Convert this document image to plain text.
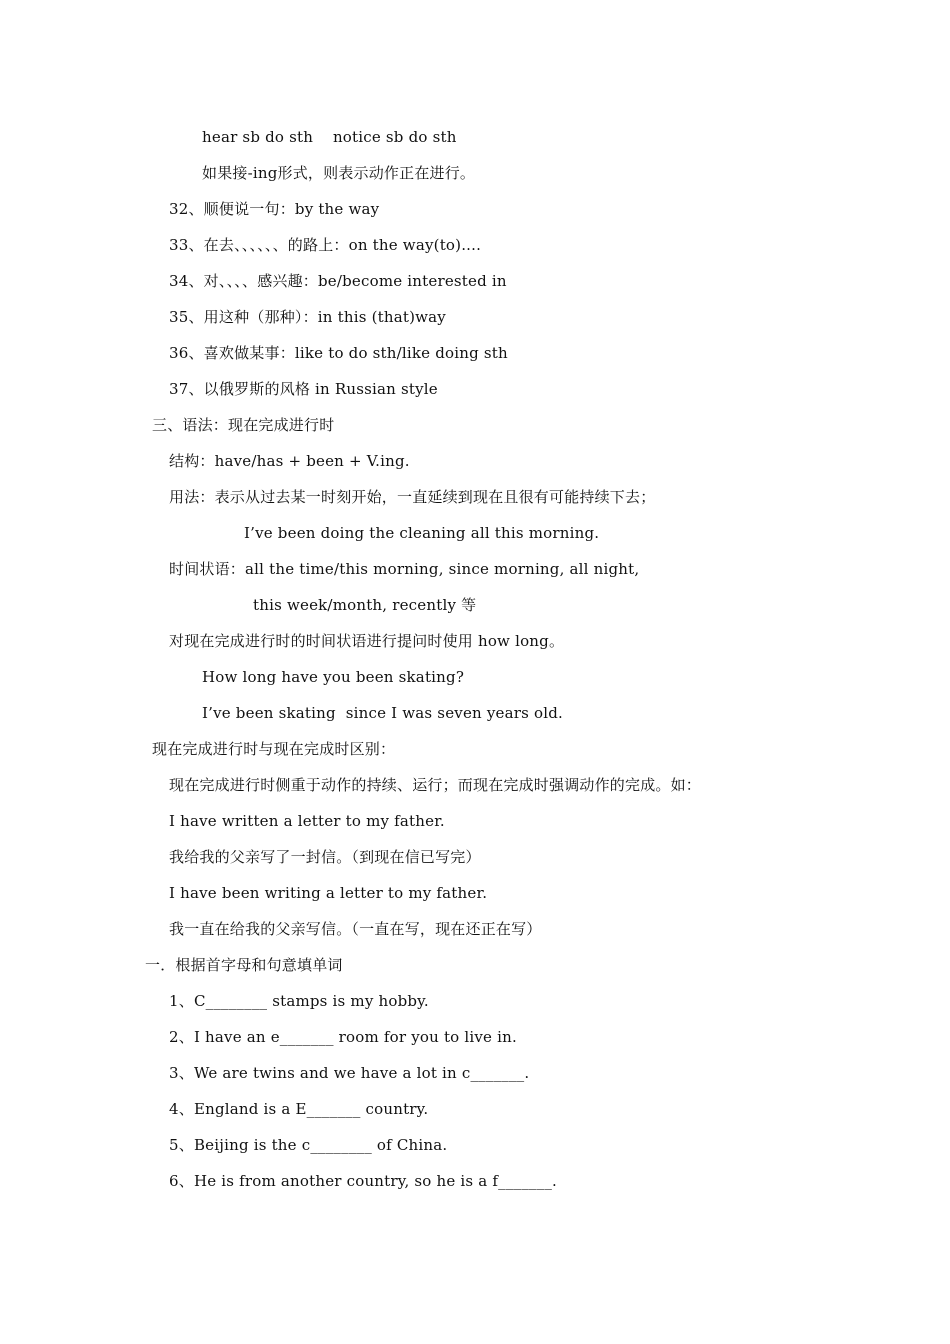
hear sb do sth    notice sb do sth
如果接-ing形式，则表示动作正在进行。
32、顺便说一句：by the way
33、在去、、、、、、的路上：on the way(to)....
34、对、、、、感兴趣：be/become interested in
35、用这种（那种）：in this (that)way
36、喜欢做某事：like to do sth/like doing sth
37、以俄罗斯的风格 in Russian style
三、语法：现在完成进行时
结构：have/has + been + V.ing.
用法：表示从过去某一时刻开始，一直延续到现在且很有可能持续下去；
I’ve been doing the cleaning all this morning.
时间状语：all the time/this morning, since morning, all night,
this week/month, recently 等
对现在完成进行时的时间状语进行提问时使用 how long。
How long have you been skating?
I’ve been skating  since I was seven years old.
现在完成进行时与现在完成时区别：
现在完成进行时侧重于动作的持续、运行；而现在完成时强调动作的完成。如：
I have written a letter to my father.
我给我的父亲写了一封信。（到现在信已写完）
I have been writing a letter to my father.
我一直在给我的父亲写信。（一直在写，现在还正在写）
一．根据首字母和句意填单词
1、C________ stamps is my hobby.
2、I have an e_______ room for you to live in.
3、We are twins and we have a lot in c_______.
4、England is a E_______ country.
5、Beijing is the c________ of China.
6、He is from another country, so he is a f_______.
